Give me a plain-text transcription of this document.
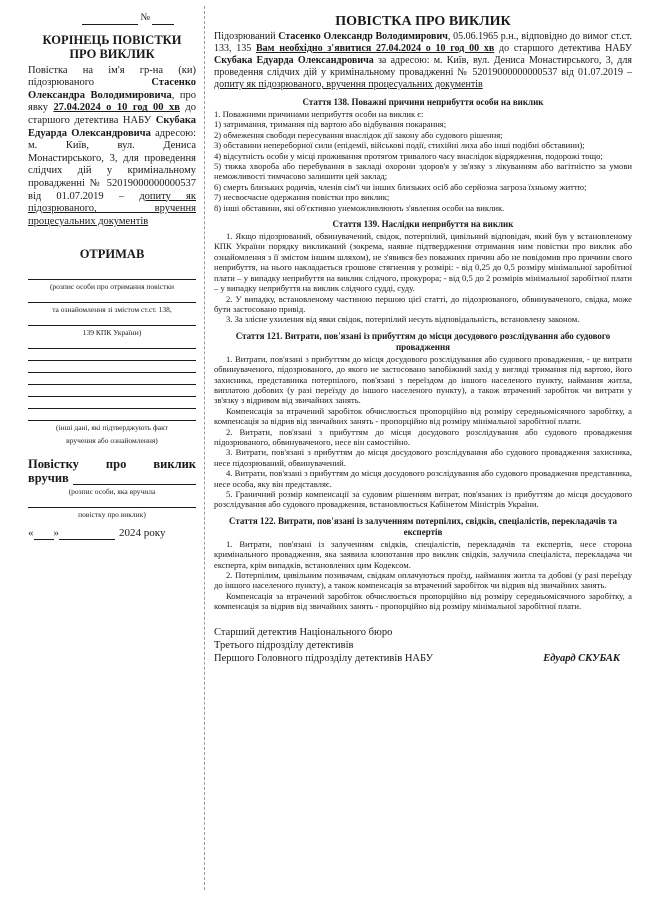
№
КОРІНЕЦЬ ПОВІСТКИ ПРО ВИКЛИК
Повістка на ім'я гр-на (ки) підозрюваного Стасенко Олександра Володимировича, про явку 27.04.2024 о 10 год 00 хв до старшого детектива НАБУ Скубака Едуарда Олександровича адресою: м. Київ, вул. Дениса Монастирського, 3, для проведення слідчих дій у кримінальному провадженні № 52019000000000537 від 01.07.2019 – допиту як підозрюваного, вручення процесуальних документів
ОТРИМАВ
(розпис особи про отримання повістки
та ознайомлення зі змістом ст.ст. 138,
139 КПК України)
(інші дані, які підтверджують факт
вручення або ознайомлення)
Повістку про виклик
вручив
(розпис особи, яка вручила
повістку про виклик)
« »	2024 року
ПОВІСТКА ПРО ВИКЛИК
Підозрюваний Стасенко Олександр Володимирович, 05.06.1965 р.н., відповідно до вимог ст.ст. 133, 135 Вам необхідно з'явитися 27.04.2024 о 10 год 00 хв до старшого детектива НАБУ Скубака Едуарда Олександровича за адресою: м. Київ, вул. Дениса Монастирського, 3, для проведення слідчих дій у кримінальному провадженні № 52019000000000537 від 01.07.2019 – допиту як підозрюваного, вручення процесуальних документів
Стаття 138. Поважні причини неприбуття особи на виклик

1. Поважними причинами неприбуття особи на виклик є:

1) затримання, тримання під вартою або відбування покарання;

2) обмеження свободи пересування внаслідок дії закону або судового рішення;

3) обставини непереборної сили (епідемії, військові події, стихійні лиха або інші подібні обставини);

4) відсутність особи у місці проживання протягом тривалого часу внаслідок відрядження, подорожі тощо;

5) тяжка хвороба або перебування в закладі охорони здоров'я у зв'язку з лікуванням або вагітністю за умови неможливості тимчасово залишити цей заклад;

6) смерть близьких родичів, членів сім'ї чи інших близьких осіб або серйозна загроза їхньому життю;

7) несвоєчасне одержання повістки про виклик;

8) інші обставини, які об'єктивно унеможливлюють з'явлення особи на виклик.

Стаття 139. Наслідки неприбуття на виклик

1. Якщо підозрюваний, обвинувачений, свідок, потерпілий, цивільний відповідач, який був у встановленому КПК України порядку викликаний (зокрема, наявне підтвердження отримання ним повістки про виклик або ознайомлення з її змістом іншим шляхом), не з'явився без поважних причин або не повідомив про причини свого неприбуття, на нього накладається грошове стягнення у розмірі: - від 0,25 до 0,5 розміру мінімальної заробітної плати – у випадку неприбуття на виклик слідчого, прокурора; - від 0,5 до 2 розмірів мінімальної заробітної плати – у випадку неприбуття на виклик слідчого судді, суду.

2. У випадку, встановленому частиною першою цієї статті, до підозрюваного, обвинуваченого, свідка, може бути застосовано привід.

3. За злісне ухилення від явки свідок, потерпілий несуть відповідальність, встановлену законом.

Стаття 121. Витрати, пов'язані із прибуттям до місця досудового розслідування або судового провадження

1. Витрати, пов'язані з прибуттям до місця досудового розслідування або судового провадження, - це витрати обвинуваченого, підозрюваного, до якого не застосовано запобіжний захід у вигляді тримання під вартою, його захисника, представника потерпілого, пов'язані з переїздом до іншого населеного пункту, наймання житла, виплатою добових (у разі переїзду до іншого населеного пункту), а також втрачений заробіток чи витрати у зв'язку з відривом від звичайних занять.

Компенсація за втрачений заробіток обчислюється пропорційно від розміру середньомісячного заробітку, а компенсація за відрив від звичайних занять - пропорційно від розміру мінімальної заробітної плати.

2. Витрати, пов'язані з прибуттям до місця досудового розслідування або судового провадження підозрюваного, обвинуваченого, несе він самостійно.

3. Витрати, пов'язані з прибуттям до місця досудового розслідування або судового провадження захисника, несе підозрюваний, обвинувачений.

4. Витрати, пов'язані з прибуттям до місця досудового розслідування або судового провадження представника, несе особа, яку він представляє.

5. Граничний розмір компенсації за судовим рішенням витрат, пов'язаних із прибуттям до місця досудового розслідування або судового провадження, встановлюється Кабінетом Міністрів України.

Стаття 122. Витрати, пов'язані із залученням потерпілих, свідків, спеціалістів, перекладачів та експертів

1. Витрати, пов'язані із залученням свідків, спеціалістів, перекладачів та експертів, несе сторона кримінального провадження, яка заявила клопотання про виклик свідків, залучила спеціаліста, перекладача чи експерта, крім випадків, встановлених цим Кодексом.

2. Потерпілим, цивільним позивачам, свідкам оплачуються проїзд, наймання житла та добові (у разі переїзду до іншого населеного пункту), а також компенсація за втрачений заробіток чи відрив від звичайних занять.

Компенсація за втрачений заробіток обчислюється пропорційно від розміру середньомісячного заробітку, а компенсація за відрив від звичайних занять - пропорційно від розміру мінімальної заробітної плати.

Старший детектив Національного бюро
Третього підрозділу детективів
Першого Головного підрозділу детективів НАБУ	Едуард СКУБАК
